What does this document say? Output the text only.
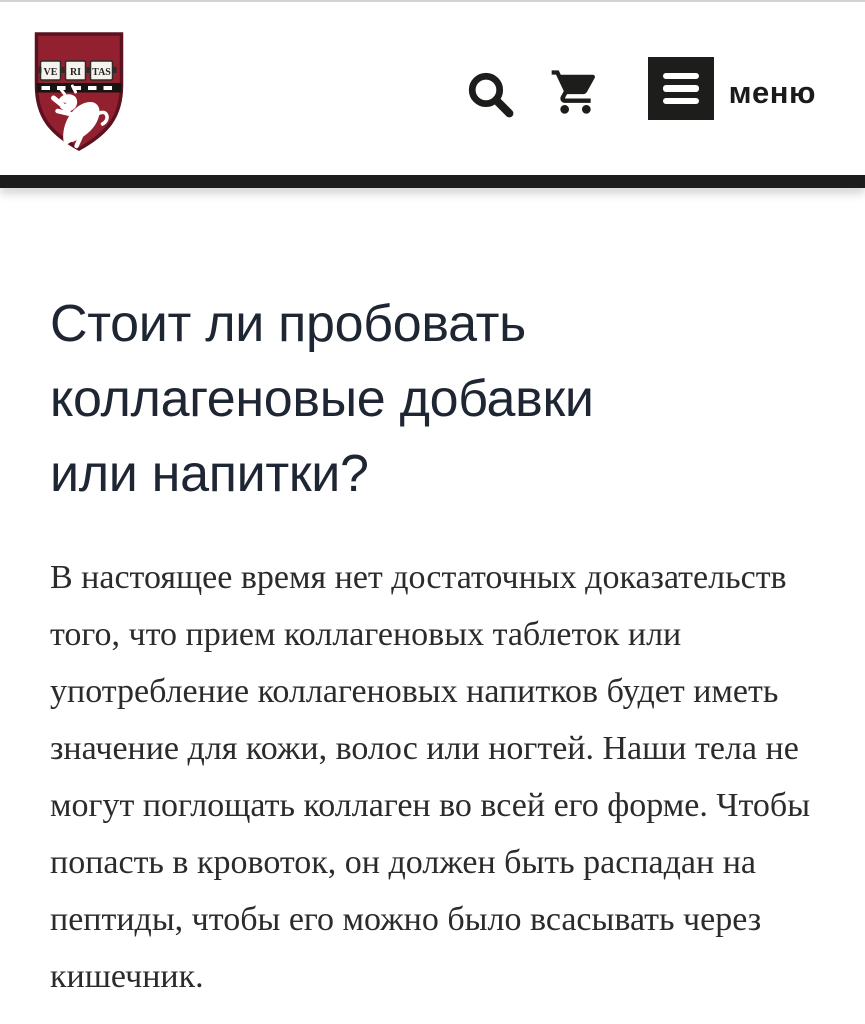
VE RI TAS
меню
Стоит ли пробовать
коллагеновые добавки
или напитки?

В настоящее время нет достаточных доказательств
того, что прием коллагеновых таблеток или
употребление коллагеновых напитков будет иметь
значение для кожи, волос или ногтей. Наши тела не
могут поглощать коллаген во всей его форме. Чтобы
попасть в кровоток, он должен быть распадан на
пептиды, чтобы его можно было всасывать через
кишечник.
